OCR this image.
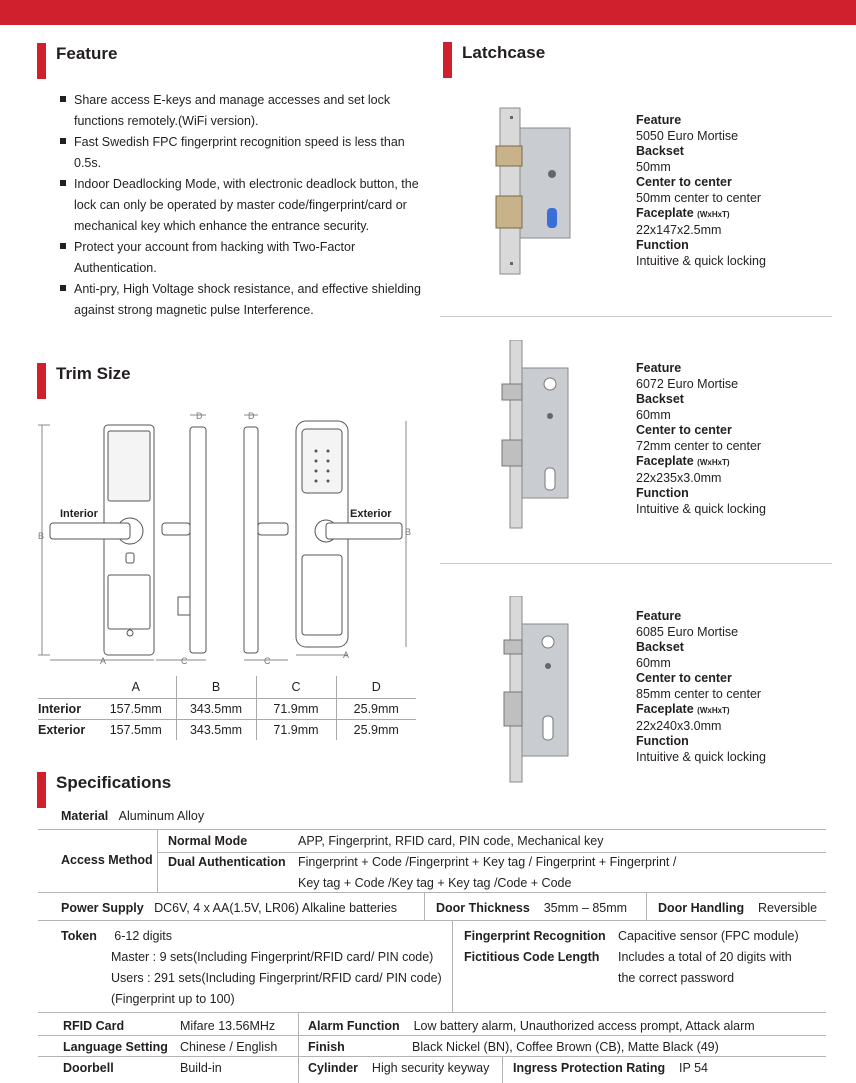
Feature
Share access E-keys and manage accesses and set lock functions remotely.(WiFi version).
Fast Swedish FPC fingerprint recognition speed is less than 0.5s.
Indoor Deadlocking Mode, with electronic deadlock button, the lock can only be operated by master code/fingerprint/card or mechanical key which enhance the entrance security.
Protect your account from hacking with Two-Factor Authentication.
Anti-pry, High Voltage shock resistance, and effective shielding against strong magnetic pulse Interference.
Latchcase
Feature
5050 Euro Mortise
Backset
50mm
Center to center
50mm center to center
Faceplate (WxHxT)
22x147x2.5mm
Function
Intuitive & quick locking
Feature
6072 Euro Mortise
Backset
60mm
Center to center
72mm center to center
Faceplate (WxHxT)
22x235x3.0mm
Function
Intuitive & quick locking
Feature
6085 Euro Mortise
Backset
60mm
Center to center
85mm center to center
Faceplate (WxHxT)
22x240x3.0mm
Function
Intuitive & quick locking
Trim Size
Interior	Exterior
B	B
A
A
C	C
D	D
	A	B	C	D
Interior	157.5mm	343.5mm	71.9mm	25.9mm
Exterior	157.5mm	343.5mm	71.9mm	25.9mm
Specifications
Material Aluminum Alloy
Access Method
Normal Mode	APP, Fingerprint, RFID card, PIN code, Mechanical key
Dual Authentication Fingerprint + Code /Fingerprint + Key tag / Fingerprint + Fingerprint /
Key tag + Code /Key tag + Key tag /Code + Code
Power Supply DC6V, 4 x AA(1.5V, LR06) Alkaline batteries	Door Thickness 35mm – 85mm Door Handling Reversible
Token 6-12 digits
Master : 9 sets(Including Fingerprint/RFID card/ PIN code)
Users : 291 sets(Including Fingerprint/RFID card/ PIN code)
(Fingerprint up to 100)
Fingerprint Recognition Capacitive sensor (FPC module)
Fictitious Code Length Includes a total of 20 digits with
the correct password
RFID Card	Mifare 13.56MHz	Alarm Function Low battery alarm, Unauthorized access prompt, Attack alarm
Language Setting Chinese / English Finish	Black Nickel (BN), Coffee Brown (CB), Matte Black (49)
Doorbell	Build-in	Cylinder High security keyway Ingress Protection Rating IP 54
